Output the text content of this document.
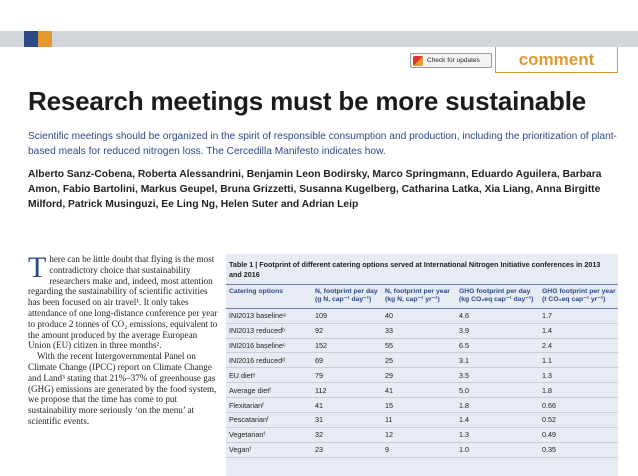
Check for updates comment
Research meetings must be more sustainable
Scientific meetings should be organized in the spirit of responsible consumption and production, including the prioritization of plant-based meals for reduced nitrogen loss. The Cercedilla Manifesto indicates how.
Alberto Sanz-Cobena, Roberta Alessandrini, Benjamin Leon Bodirsky, Marco Springmann, Eduardo Aguilera, Barbara Amon, Fabio Bartolini, Markus Geupel, Bruna Grizzetti, Susanna Kugelberg, Catharina Latka, Xia Liang, Anna Birgitte Milford, Patrick Musinguzi, Ee Ling Ng, Helen Suter and Adrian Leip
T here can be little doubt that flying is the most contradictory choice that sustainability researchers make and, indeed, most attention regarding the sustainability of scientific activities has been focused on air travel¹. It only takes attendance of one long-distance conference per year to produce 2 tonnes of CO₂ emissions, equivalent to the amount produced by the average European Union (EU) citizen in three months².

With the recent Intergovernmental Panel on Climate Change (IPCC) report on Climate Change and Land³ stating that 21%–37% of greenhouse gas (GHG) emissions are generated by the food system, we propose that the time has come to put sustainability more seriously ‘on the menu’ at scientific events.

Table 1 | Footprint of different catering options served at International Nitrogen Initiative conferences in 2013 and 2016
Catering options	N, footprint per day (g N, cap⁻¹ day⁻¹)	N, footprint per year (kg N, cap⁻¹ yr⁻¹)	GHG footprint per day (kg CO₂eq cap⁻¹ day⁻¹)	GHG footprint per year (t CO₂eq cap⁻¹ yr⁻¹)
INI2013 baselineᵃ	109	40	4.6	1.7
INI2013 reducedᵇ	92	33	3.9	1.4
INI2016 baselineᶜ	152	55	6.5	2.4
INI2016 reducedᵈ	69	25	3.1	1.1
EU dietᵉ	79	29	3.5	1.3
Average dietᶠ	112	41	5.0	1.8
Flexitarianᶠ	41	15	1.8	0.66
Pescatarianᶠ	31	11	1.4	0.52
Vegetarianᶠ	32	12	1.3	0.49
Veganᶠ	23	9	1.0	0.35
